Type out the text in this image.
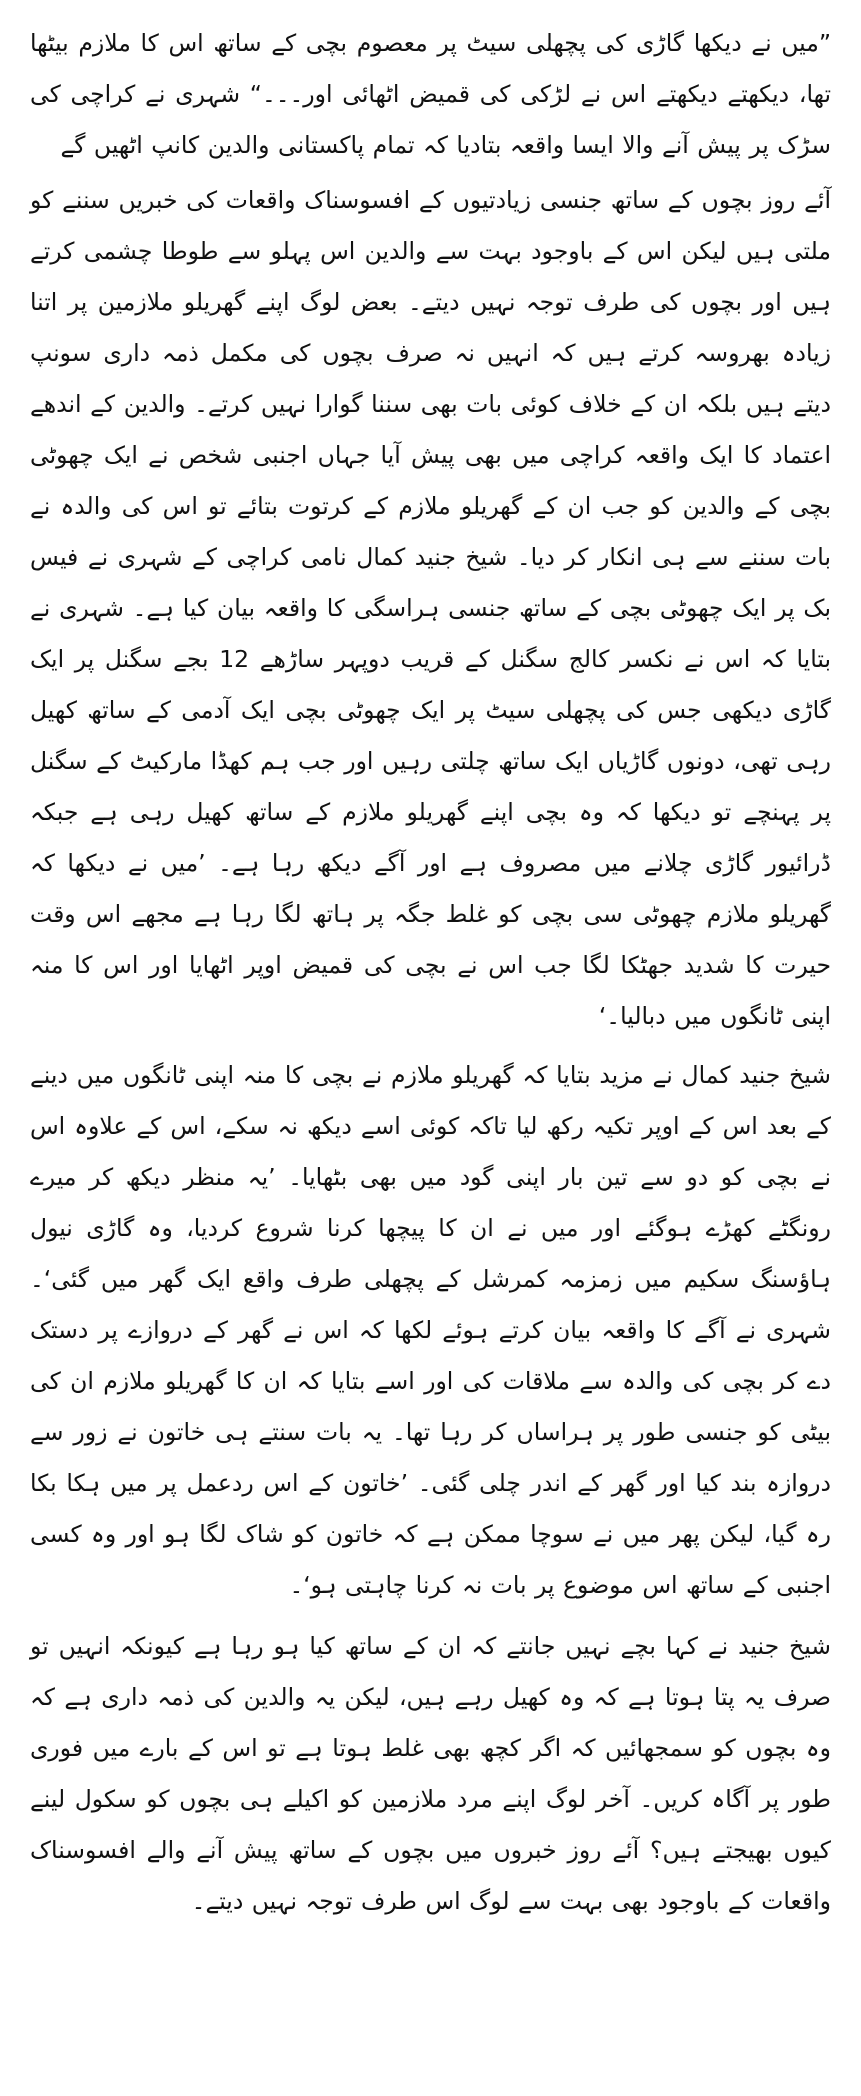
”میں نے دیکھا گاڑی کی پچھلی سیٹ پر معصوم بچی کے ساتھ اس کا ملازم بیٹھا تھا، دیکھتے دیکھتے اس نے لڑکی کی قمیض اٹھائی اور۔۔۔“ شہری نے کراچی کی سڑک پر پیش آنے والا ایسا واقعہ بتادیا کہ تمام پاکستانی والدین کانپ اٹھیں گے

آئے روز بچوں کے ساتھ جنسی زیادتیوں کے افسوسناک واقعات کی خبریں سننے کو ملتی ہیں لیکن اس کے باوجود بہت سے والدین اس پہلو سے طوطا چشمی کرتے ہیں اور بچوں کی طرف توجہ نہیں دیتے۔ بعض لوگ اپنے گھریلو ملازمین پر اتنا زیادہ بھروسہ کرتے ہیں کہ انہیں نہ صرف بچوں کی مکمل ذمہ داری سونپ دیتے ہیں بلکہ ان کے خلاف کوئی بات بھی سننا گوارا نہیں کرتے۔ والدین کے اندھے اعتماد کا ایک واقعہ کراچی میں بھی پیش آیا جہاں اجنبی شخص نے ایک چھوٹی بچی کے والدین کو جب ان کے گھریلو ملازم کے کرتوت بتائے تو اس کی والدہ نے بات سننے سے ہی انکار کر دیا۔ شیخ جنید کمال نامی کراچی کے شہری نے فیس بک پر ایک چھوٹی بچی کے ساتھ جنسی ہراسگی کا واقعہ بیان کیا ہے۔ شہری نے بتایا کہ اس نے نکسر کالج سگنل کے قریب دوپہر ساڑھے 12 بجے سگنل پر ایک گاڑی دیکھی جس کی پچھلی سیٹ پر ایک چھوٹی بچی ایک آدمی کے ساتھ کھیل رہی تھی، دونوں گاڑیاں ایک ساتھ چلتی رہیں اور جب ہم کھڈا مارکیٹ کے سگنل پر پہنچے تو دیکھا کہ وہ بچی اپنے گھریلو ملازم کے ساتھ کھیل رہی ہے جبکہ ڈرائیور گاڑی چلانے میں مصروف ہے اور آگے دیکھ رہا ہے۔ ’میں نے دیکھا کہ گھریلو ملازم چھوٹی سی بچی کو غلط جگہ پر ہاتھ لگا رہا ہے مجھے اس وقت حیرت کا شدید جھٹکا لگا جب اس نے بچی کی قمیض اوپر اٹھایا اور اس کا منہ اپنی ٹانگوں میں دبالیا۔‘

شیخ جنید کمال نے مزید بتایا کہ گھریلو ملازم نے بچی کا منہ اپنی ٹانگوں میں دینے کے بعد اس کے اوپر تکیہ رکھ لیا تاکہ کوئی اسے دیکھ نہ سکے، اس کے علاوہ اس نے بچی کو دو سے تین بار اپنی گود میں بھی بٹھایا۔ ’یہ منظر دیکھ کر میرے رونگٹے کھڑے ہوگئے اور میں نے ان کا پیچھا کرنا شروع کردیا، وہ گاڑی نیول ہاﺅسنگ سکیم میں زمزمہ کمرشل کے پچھلی طرف واقع ایک گھر میں گئی‘۔ شہری نے آگے کا واقعہ بیان کرتے ہوئے لکھا کہ اس نے گھر کے دروازے پر دستک دے کر بچی کی والدہ سے ملاقات کی اور اسے بتایا کہ ان کا گھریلو ملازم ان کی بیٹی کو جنسی طور پر ہراساں کر رہا تھا۔ یہ بات سنتے ہی خاتون نے زور سے دروازہ بند کیا اور گھر کے اندر چلی گئی۔ ’خاتون کے اس ردعمل پر میں ہکا بکا رہ گیا، لیکن پھر میں نے سوچا ممکن ہے کہ خاتون کو شاک لگا ہو اور وہ کسی اجنبی کے ساتھ اس موضوع پر بات نہ کرنا چاہتی ہو‘۔

شیخ جنید نے کہا بچے نہیں جانتے کہ ان کے ساتھ کیا ہو رہا ہے کیونکہ انہیں تو صرف یہ پتا ہوتا ہے کہ وہ کھیل رہے ہیں، لیکن یہ والدین کی ذمہ داری ہے کہ وہ بچوں کو سمجھائیں کہ اگر کچھ بھی غلط ہوتا ہے تو اس کے بارے میں فوری طور پر آگاہ کریں۔ آخر لوگ اپنے مرد ملازمین کو اکیلے ہی بچوں کو سکول لینے کیوں بھیجتے ہیں؟ آئے روز خبروں میں بچوں کے ساتھ پیش آنے والے افسوسناک واقعات کے باوجود بھی بہت سے لوگ اس طرف توجہ نہیں دیتے۔
